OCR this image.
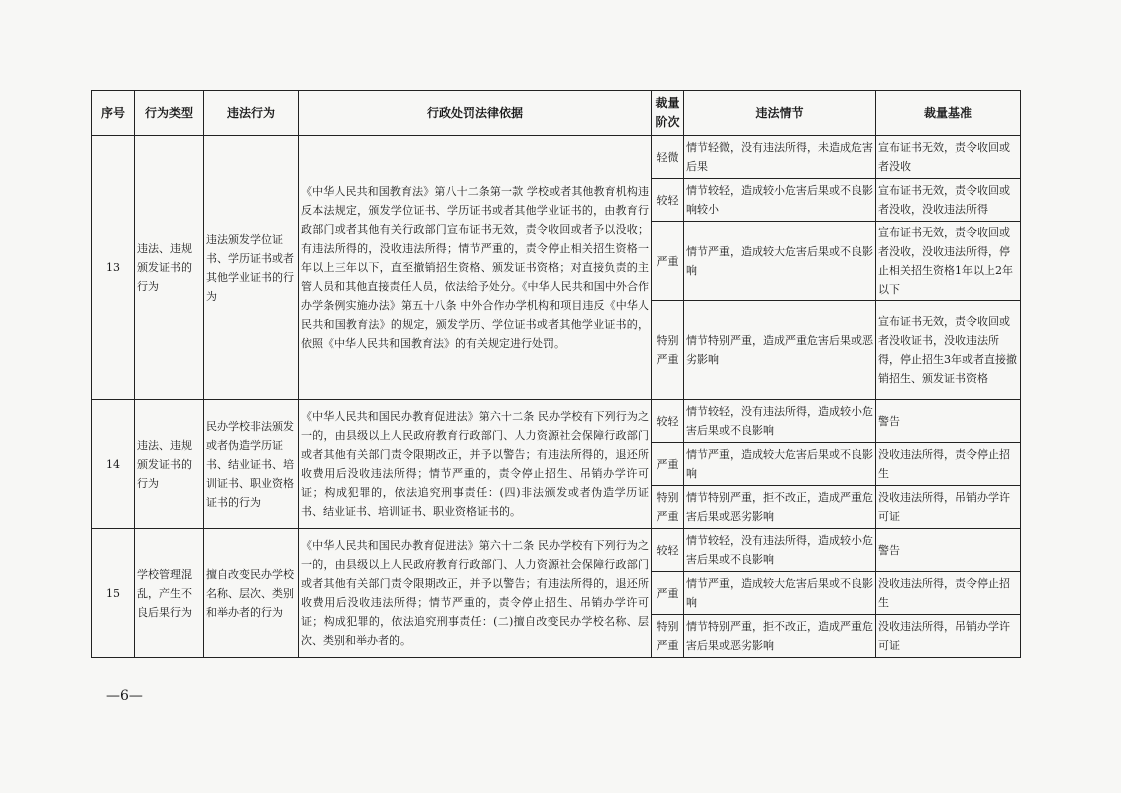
序号	行为类型	违法行为	行政处罚法律依据	裁量阶次	违法情节	裁量基准
13	违法、违规颁发证书的行为	违法颁发学位证书、学历证书或者其他学业证书的行为	《中华人民共和国教育法》第八十二条第一款 学校或者其他教育机构违反本法规定，颁发学位证书、学历证书或者其他学业证书的，由教育行政部门或者其他有关行政部门宣布证书无效，责令收回或者予以没收；有违法所得的，没收违法所得；情节严重的，责令停止相关招生资格一年以上三年以下，直至撤销招生资格、颁发证书资格；对直接负责的主管人员和其他直接责任人员，依法给予处分。《中华人民共和国中外合作办学条例实施办法》第五十八条 中外合作办学机构和项目违反《中华人民共和国教育法》的规定，颁发学历、学位证书或者其他学业证书的，依照《中华人民共和国教育法》的有关规定进行处罚。	轻微	情节轻微，没有违法所得，未造成危害后果	宣布证书无效，责令收回或者没收
				较轻	情节较轻，造成较小危害后果或不良影响较小	宣布证书无效，责令收回或者没收，没收违法所得
				严重	情节严重，造成较大危害后果或不良影响	宣布证书无效，责令收回或者没收，没收违法所得，停止相关招生资格1年以上2年以下
				特别严重	情节特别严重，造成严重危害后果或恶劣影响	宣布证书无效，责令收回或者没收证书，没收违法所得，停止招生3年或者直接撤销招生、颁发证书资格
14	违法、违规颁发证书的行为	民办学校非法颁发或者伪造学历证书、结业证书、培训证书、职业资格证书的行为	《中华人民共和国民办教育促进法》第六十二条 民办学校有下列行为之一的，由县级以上人民政府教育行政部门、人力资源社会保障行政部门或者其他有关部门责令限期改正，并予以警告；有违法所得的，退还所收费用后没收违法所得；情节严重的，责令停止招生、吊销办学许可证；构成犯罪的，依法追究刑事责任：(四)非法颁发或者伪造学历证书、结业证书、培训证书、职业资格证书的。	较轻	情节较轻，没有违法所得，造成较小危害后果或不良影响	警告
				严重	情节严重，造成较大危害后果或不良影响	没收违法所得，责令停止招生
				特别严重	情节特别严重，拒不改正，造成严重危害后果或恶劣影响	没收违法所得，吊销办学许可证
15	学校管理混乱，产生不良后果行为	擅自改变民办学校名称、层次、类别和举办者的行为	《中华人民共和国民办教育促进法》第六十二条 民办学校有下列行为之一的，由县级以上人民政府教育行政部门、人力资源社会保障行政部门或者其他有关部门责令限期改正，并予以警告；有违法所得的，退还所收费用后没收违法所得；情节严重的，责令停止招生、吊销办学许可证；构成犯罪的，依法追究刑事责任：(二)擅自改变民办学校名称、层次、类别和举办者的。	较轻	情节较轻，没有违法所得，造成较小危害后果或不良影响	警告
				严重	情节严重，造成较大危害后果或不良影响	没收违法所得，责令停止招生
				特别严重	情节特别严重，拒不改正，造成严重危害后果或恶劣影响	没收违法所得，吊销办学许可证
—6—
